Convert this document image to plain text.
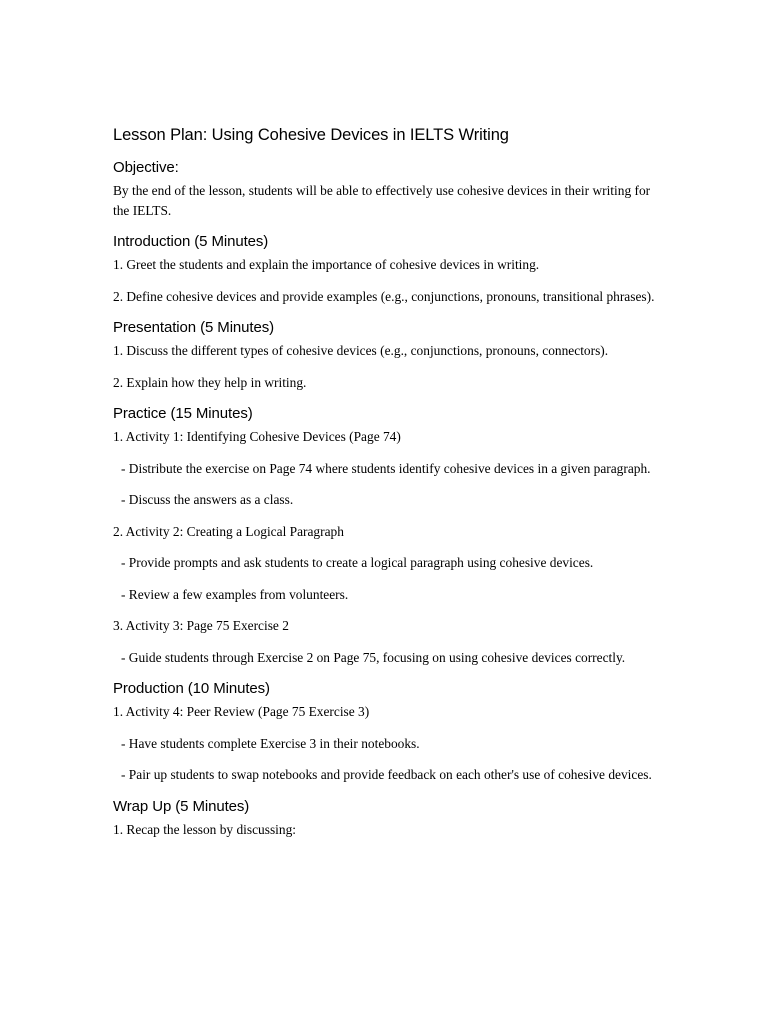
Lesson Plan: Using Cohesive Devices in IELTS Writing
Objective:

By the end of the lesson, students will be able to effectively use cohesive devices in their writing for the IELTS.

Introduction (5 Minutes)

1. Greet the students and explain the importance of cohesive devices in writing.

2. Define cohesive devices and provide examples (e.g., conjunctions, pronouns, transitional phrases).

Presentation (5 Minutes)

1. Discuss the different types of cohesive devices (e.g., conjunctions, pronouns, connectors).

2. Explain how they help in writing.

Practice (15 Minutes)

1. Activity 1: Identifying Cohesive Devices (Page 74)

- Distribute the exercise on Page 74 where students identify cohesive devices in a given paragraph.

- Discuss the answers as a class.

2. Activity 2: Creating a Logical Paragraph

- Provide prompts and ask students to create a logical paragraph using cohesive devices.

- Review a few examples from volunteers.

3. Activity 3: Page 75 Exercise 2

- Guide students through Exercise 2 on Page 75, focusing on using cohesive devices correctly.

Production (10 Minutes)

1. Activity 4: Peer Review (Page 75 Exercise 3)

- Have students complete Exercise 3 in their notebooks.

- Pair up students to swap notebooks and provide feedback on each other's use of cohesive devices.

Wrap Up (5 Minutes)

1. Recap the lesson by discussing:
